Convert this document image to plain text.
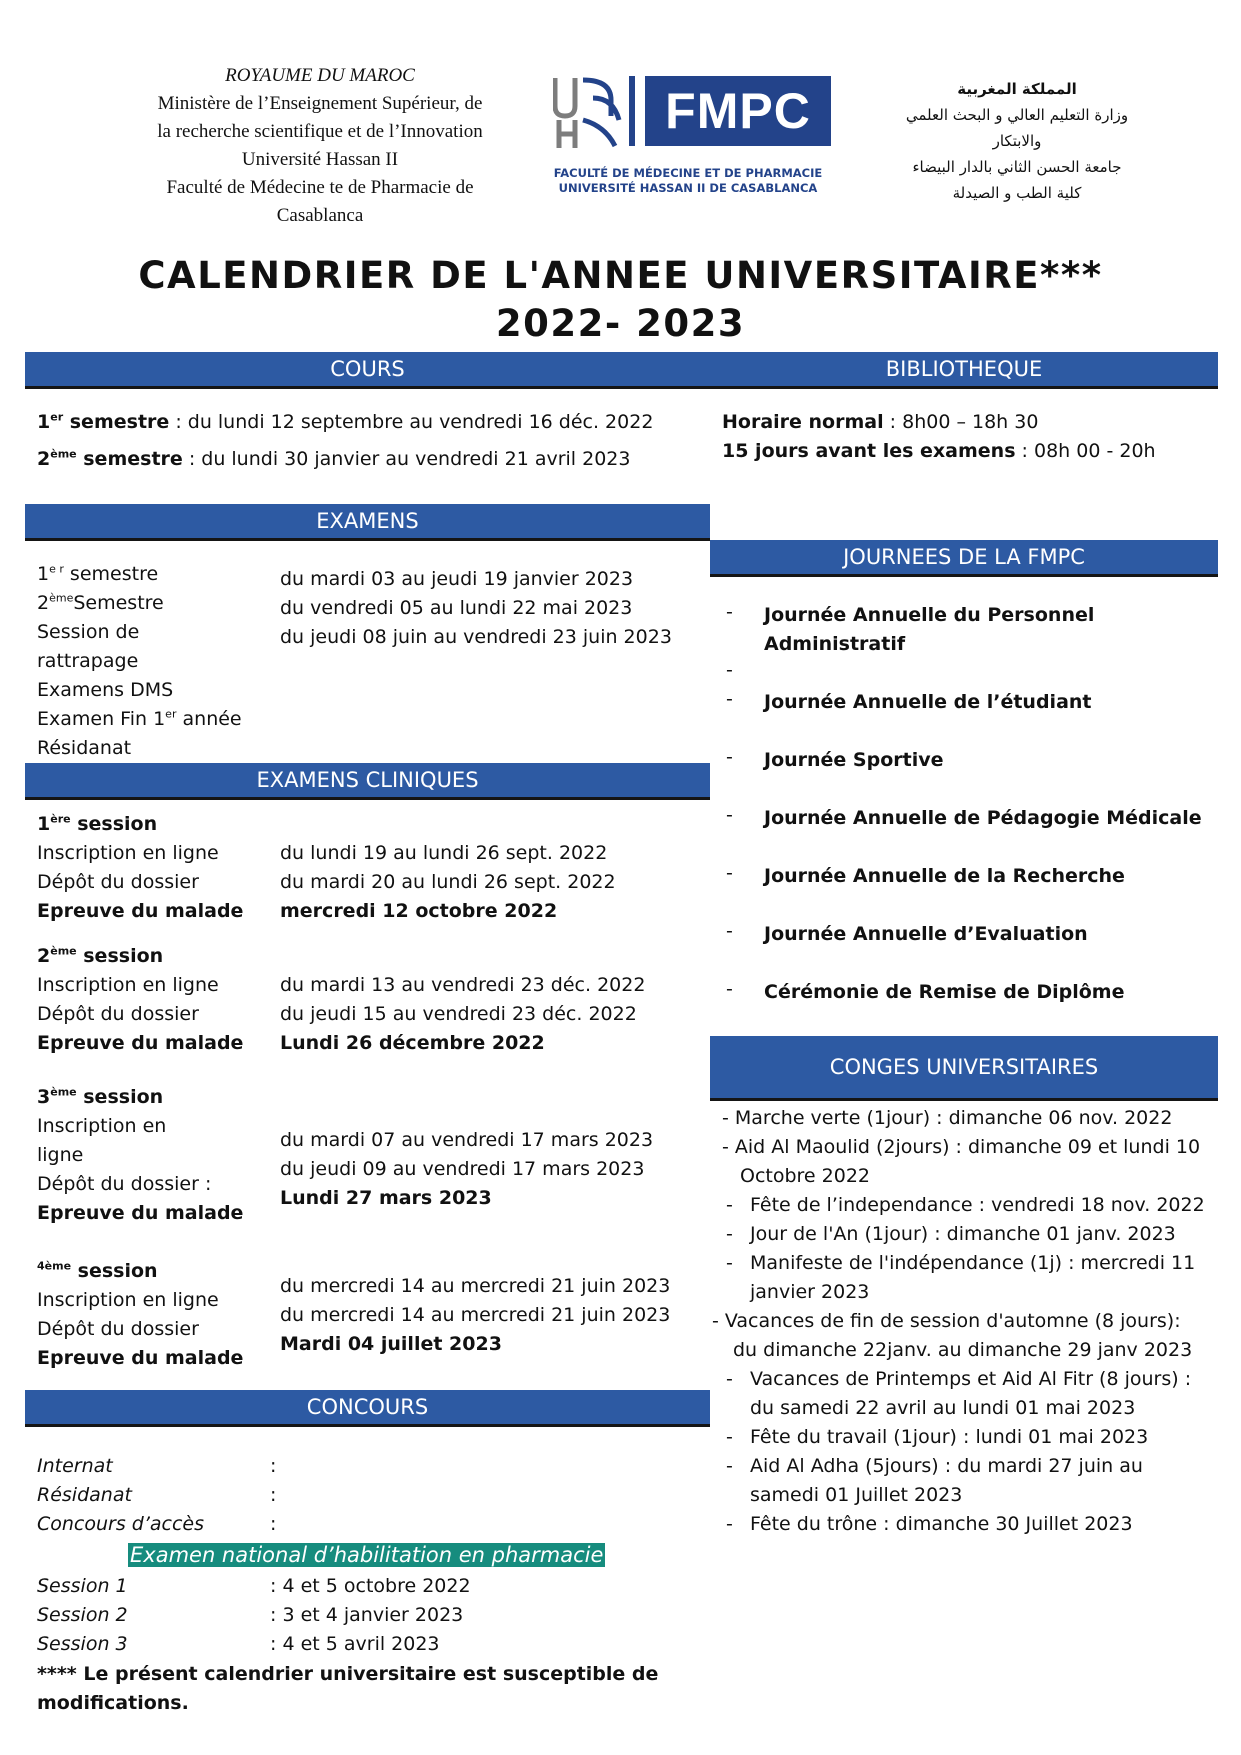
ROYAUME DU MAROC
Ministère de l’Enseignement Supérieur, de
la recherche scientifique et de l’Innovation
Université Hassan II
Faculté de Médecine te de Pharmacie de
Casablanca
FMPC
FACULTÉ DE MÉDECINE ET DE PHARMACIE
UNIVERSITÉ HASSAN II DE CASABLANCA
المملكة المغربية
وزارة التعليم العالي و البحث العلمي
والابتكار
جامعة الحسن الثاني بالدار البيضاء
كلية الطب و الصيدلة
CALENDRIER DE L'ANNEE UNIVERSITAIRE***
2022- 2023
COURS
1er semestre : du lundi 12 septembre au vendredi 16 déc. 2022
2ème semestre : du lundi 30 janvier au vendredi 21 avril 2023
EXAMENS
$1^{e r}$ semestre
2èmeSemestre
Session de
rattrapage
Examens DMS
Examen Fin 1er année
Résidanat
du mardi 03 au jeudi 19 janvier 2023
du vendredi 05 au lundi 22 mai 2023
du jeudi 08 juin au vendredi 23 juin 2023
EXAMENS CLINIQUES
1ère session
Inscription en ligne
Dépôt du dossier
Epreuve du malade
du lundi 19 au lundi 26 sept. 2022
du mardi 20 au lundi 26 sept. 2022
mercredi 12 octobre 2022
2ème session
Inscription en ligne
Dépôt du dossier
Epreuve du malade
du mardi 13 au vendredi 23 déc. 2022
du jeudi 15 au vendredi 23 déc. 2022
Lundi 26 décembre 2022
3ème session
Inscription en
ligne
Dépôt du dossier :
Epreuve du malade
du mardi 07 au vendredi 17 mars 2023
du jeudi 09 au vendredi 17 mars 2023
Lundi 27 mars 2023
$^{4ème}$ session
Inscription en ligne
Dépôt du dossier
Epreuve du malade
du mercredi 14 au mercredi 21 juin 2023
du mercredi 14 au mercredi 21 juin 2023
Mardi 04 juillet 2023
CONCOURS
Internat
Résidanat
Concours d’accès
:
:
:
Examen national d’habilitation en pharmacie
Session 1
Session 2
Session 3
: 4 et 5 octobre 2022
: 3 et 4 janvier 2023
: 4 et 5 avril 2023
**** Le présent calendrier universitaire est susceptible de
modifications.
BIBLIOTHEQUE
Horaire normal : 8h00 – 18h 30
15 jours avant les examens : 08h 00 - 20h
JOURNEES DE LA FMPC
-
-
-
-
-
-
-
-
Journée Annuelle du Personnel
Administratif
Journée Annuelle de l’étudiant
Journée Sportive
Journée Annuelle de Pédagogie Médicale
Journée Annuelle de la Recherche
Journée Annuelle d’Evaluation
Cérémonie de Remise de Diplôme
CONGES UNIVERSITAIRES
- Marche verte (1jour) : dimanche 06 nov. 2022
- Aid Al Maoulid (2jours) : dimanche 09 et lundi 10
Octobre 2022
- Fête de l’independance : vendredi 18 nov. 2022
- Jour de l'An (1jour) : dimanche 01 janv. 2023
- Manifeste de l'indépendance (1j) : mercredi 11
janvier 2023
- Vacances de fin de session d'automne (8 jours):
du dimanche 22janv. au dimanche 29 janv 2023
- Vacances de Printemps et Aid Al Fitr (8 jours) :
du samedi 22 avril au lundi 01 mai 2023
- Fête du travail (1jour) : lundi 01 mai 2023
- Aid Al Adha (5jours) : du mardi 27 juin au
samedi 01 Juillet 2023
- Fête du trône : dimanche 30 Juillet 2023
